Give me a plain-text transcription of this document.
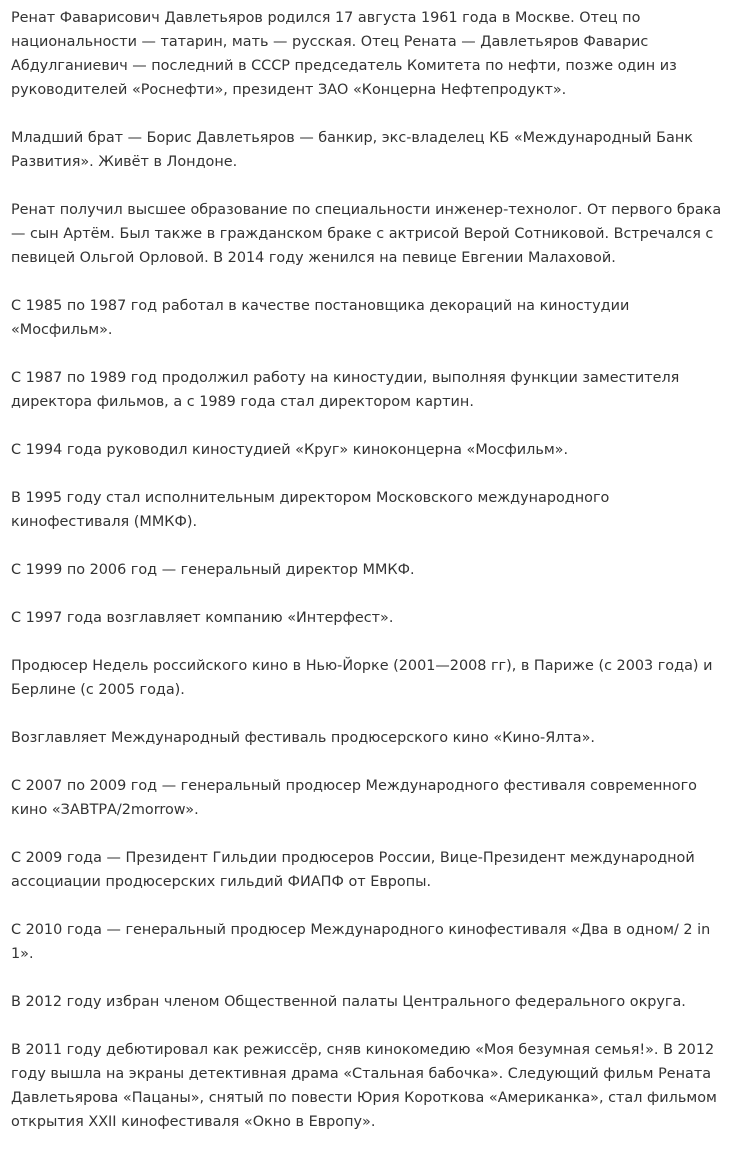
Ренат Фаварисович Давлетьяров родился 17 августа 1961 года в Москве. Отец по национальности — татарин, мать — русская. Отец Рената — Давлетьяров Фаварис Абдулганиевич — последний в СССР председатель Комитета по нефти, позже один из руководителей «Роснефти», президент ЗАО «Концерна Нефтепродукт».

Младший брат — Борис Давлетьяров — банкир, экс-владелец КБ «Международный Банк Развития». Живёт в Лондоне.

Ренат получил высшее образование по специальности инженер-технолог. От первого брака — сын Артём. Был также в гражданском браке с актрисой Верой Сотниковой. Встречался с певицей Ольгой Орловой. В 2014 году женился на певице Евгении Малаховой.

С 1985 по 1987 год работал в качестве постановщика декораций на киностудии «Мосфильм».

С 1987 по 1989 год продолжил работу на киностудии, выполняя функции заместителя директора фильмов, а с 1989 года стал директором картин.

С 1994 года руководил киностудией «Круг» киноконцерна «Мосфильм».

В 1995 году стал исполнительным директором Московского международного кинофестиваля (ММКФ).

С 1999 по 2006 год — генеральный директор ММКФ.

С 1997 года возглавляет компанию «Интерфест».

Продюсер Недель российского кино в Нью-Йорке (2001—2008 гг), в Париже (с 2003 года) и Берлине (с 2005 года).

Возглавляет Международный фестиваль продюсерского кино «Кино-Ялта».

С 2007 по 2009 год — генеральный продюсер Международного фестиваля современного кино «ЗАВТРА/2morrow».

С 2009 года — Президент Гильдии продюсеров России, Вице-Президент международной ассоциации продюсерских гильдий ФИАПФ от Европы.

С 2010 года — генеральный продюсер Международного кинофестиваля «Два в одном/ 2 in 1».

В 2012 году избран членом Общественной палаты Центрального федерального округа.

В 2011 году дебютировал как режиссёр, сняв кинокомедию «Моя безумная семья!». В 2012 году вышла на экраны детективная драма «Стальная бабочка». Следующий фильм Рената Давлетьярова «Пацаны», снятый по повести Юрия Короткова «Американка», стал фильмом открытия XXII кинофестиваля «Окно в Европу».
